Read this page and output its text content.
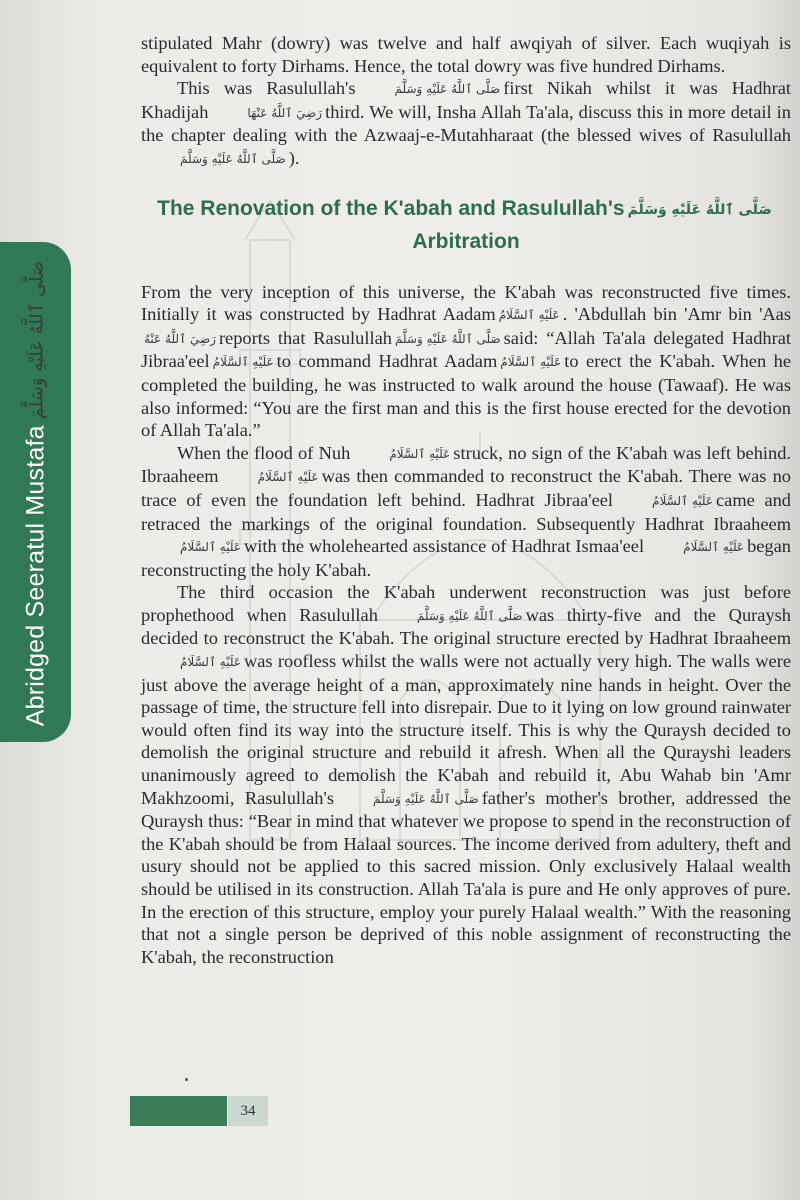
Abridged Seeratul Mustafaصَلَّى ٱللَّهُ عَلَيْهِ وَسَلَّمَ

stipulated Mahr (dowry) was twelve and half awqiyah of silver. Each wuqiyah is equivalent to forty Dirhams. Hence, the total dowry was five hundred Dirhams.

This was Rasulullah's	صَلَّى ٱللَّهُ عَلَيْهِ وَسَلَّمَ first Nikah whilst it was Hadhrat Khadijah	رَضِيَ ٱللَّهُ عَنْهَا third. We will, Insha Allah Ta'ala, discuss this in more detail in the chapter dealing with the Azwaaj-e-Mutahharaat (the blessed wives of Rasulullahصَلَّى ٱللَّهُ عَلَيْهِ وَسَلَّمَ ).

The Renovation of the K'abah and Rasulullah's صَلَّى ٱللَّهُ عَلَيْهِ وَسَلَّمَ
Arbitration

From the very inception of this universe, the K'abah was reconstructed five times. Initially it was constructed by Hadhrat Aadam عَلَيْهِ ٱلسَّلَامُ . 'Abdullah bin 'Amr bin 'Aasرَضِيَ ٱللَّهُ عَنْهُ reports that Rasulullah صَلَّى ٱللَّهُ عَلَيْهِ وَسَلَّمَ said: “Allah Ta'ala delegated Hadhrat Jibraa'eel عَلَيْهِ ٱلسَّلَامُ to command Hadhrat Aadam عَلَيْهِ ٱلسَّلَامُ to erect the K'abah. When he completed the building, he was instructed to walk around the house (Tawaaf). He was also informed: “You are the first man and this is the first house erected for the devotion of Allah Ta'ala.”

When the flood of Nuh	عَلَيْهِ ٱلسَّلَامُ struck, no sign of the K'abah was left behind. Ibraaheem	عَلَيْهِ ٱلسَّلَامُ was then commanded to reconstruct the K'abah. There was no trace of even the foundation left behind. Hadhrat Jibraa'eel	عَلَيْهِ ٱلسَّلَامُ came and retraced the markings of the original foundation. Subsequently Hadhrat Ibraaheemعَلَيْهِ ٱلسَّلَامُ with the wholehearted assistance of Hadhrat Ismaa'eel	عَلَيْهِ ٱلسَّلَامُ began reconstructing the holy K'abah.

The third occasion the K'abah underwent reconstruction was just before prophethood when Rasulullah	صَلَّى ٱللَّهُ عَلَيْهِ وَسَلَّمَ was thirty-five and the Quraysh decided to reconstruct the K'abah. The original structure erected by Hadhrat Ibraaheemعَلَيْهِ ٱلسَّلَامُ was roofless whilst the walls were not actually very high. The walls were just above the average height of a man, approximately nine hands in height. Over the passage of time, the structure fell into disrepair. Due to it lying on low ground rainwater would often find its way into the structure itself. This is why the Quraysh decided to demolish the original structure and rebuild it afresh. When all the Qurayshi leaders unanimously agreed to demolish the K'abah and rebuild it, Abu Wahab bin 'Amr Makhzoomi, Rasulullah's	صَلَّى ٱللَّهُ عَلَيْهِ وَسَلَّمَ father's mother's brother, addressed the Quraysh thus: “Bear in mind that whatever we propose to spend in the reconstruction of the K'abah should be from Halaal sources. The income derived from adultery, theft and usury should not be applied to this sacred mission. Only exclusively Halaal wealth should be utilised in its construction. Allah Ta'ala is pure and He only approves of pure. In the erection of this structure, employ your purely Halaal wealth.” With the reasoning that not a single person be deprived of this noble assignment of reconstructing the K'abah, the reconstruction

34
